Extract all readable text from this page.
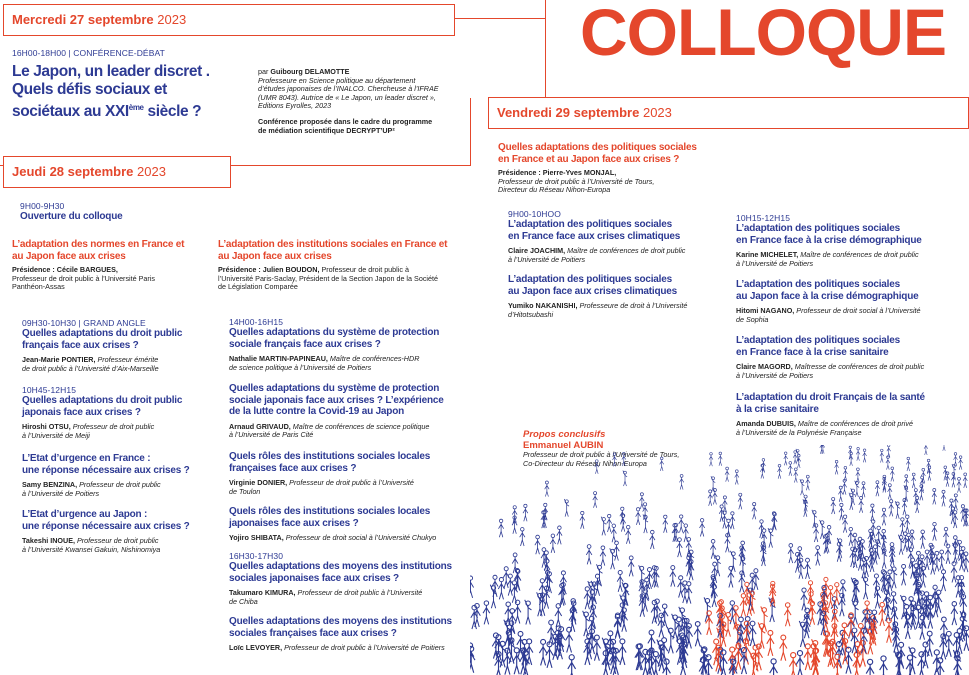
COLLOQUE
Mercredi 27 septembre 2023
16H00-18H00 | CONFÉRENCE-DÉBAT
Le Japon, un leader discret .
Quels défis sociaux et
sociétaux au XXIème siècle ?
par Guibourg DELAMOTTE
Professeure en Science politique au département
d’études japonaises de l’INALCO. Chercheuse à l’IFRAE
(UMR 8043). Autrice de « Le Japon, un leader discret »,
Editions Eyrolles, 2023
Conférence proposée dans le cadre du programme
de médiation scientifique DECRYPT’UP²
Jeudi 28 septembre 2023
9H00-9H30
Ouverture du colloque
L’adaptation des normes en France et
au Japon face aux crises
Présidence : Cécile BARGUES,
Professeur de droit public à l’Université Paris
Panthéon-Assas
09H30-10H30 | GRAND ANGLE
Quelles adaptations du droit public
français face aux crises ?
Jean-Marie PONTIER, Professeur émérite
de droit public à l’Université d’Aix-Marseille
10H45-12H15
Quelles adaptations du droit public
japonais face aux crises ?
Hiroshi OTSU, Professeur de droit public
à l’Université de Meiji
L’Etat d’urgence en France :
une réponse nécessaire aux crises ?
Samy BENZINA, Professeur de droit public
à l’Université de Poitiers
L’Etat d’urgence au Japon :
une réponse nécessaire aux crises ?
Takeshi INOUE, Professeur de droit public
à l’Université Kwansei Gakuin, Nishinomiya
L’adaptation des institutions sociales en France et
au Japon face aux crises
Présidence : Julien BOUDON, Professeur de droit public à
l’Université Paris-Saclay, Président de la Section Japon de la Société
de Législation Comparée
14H00-16H15
Quelles adaptations du système de protection
sociale français face aux crises ?
Nathalie MARTIN-PAPINEAU, Maître de conférences-HDR
de science politique à l’Université de Poitiers
Quelles adaptations du système de protection
sociale japonais face aux crises ? L’expérience
de la lutte contre la Covid-19 au Japon
Arnaud GRIVAUD, Maître de conférences de science politique
à l’Université de Paris Cité
Quels rôles des institutions sociales locales
françaises face aux crises ?
Virginie DONIER, Professeur de droit public à l’Université
de Toulon
Quels rôles des institutions sociales locales
japonaises face aux crises ?
Yojiro SHIBATA, Professeur de droit social à l’Université Chukyo
16H30-17H30
Quelles adaptations des moyens des institutions
sociales japonaises face aux crises ?
Takumaro KIMURA, Professeur de droit public à l’Université
de Chiba
Quelles adaptations des moyens des institutions
sociales françaises face aux crises ?
Loïc LEVOYER, Professeur de droit public à l’Université de Poitiers
Vendredi 29 septembre 2023
Quelles adaptations des politiques sociales
en France et au Japon face aux crises ?
Présidence : Pierre-Yves MONJAL,
Professeur de droit public à l’Université de Tours,
Directeur du Réseau Nihon-Europa
9H00-10HOO
L’adaptation des politiques sociales
en France face aux crises climatiques
Claire JOACHIM, Maître de conférences de droit public
à l’Université de Poitiers
L’adaptation des politiques sociales
au Japon face aux crises climatiques
Yumiko NAKANISHI, Professeure de droit à l’Université
d’Hitotsubashi
10H15-12H15
L’adaptation des politiques sociales
en France face à la crise démographique
Karine MICHELET, Maître de conférences de droit public
à l’Université de Poitiers
L’adaptation des politiques sociales
au Japon face à la crise démographique
Hitomi NAGANO, Professeur de droit social à l’Université
de Sophia
L’adaptation des politiques sociales
en France face à la crise sanitaire
Claire MAGORD, Maîtresse de conférences de droit public
à l’Université de Poitiers
L’adaptation du droit Français de la santé
à la crise sanitaire
Amanda DUBUIS, Maître de conférences de droit privé
à l’Université de la Polynésie Française
Propos conclusifs
Emmanuel AUBIN
Professeur de droit public à l’Université de Tours,
Co-Directeur du Réseau Nihon-Europa
